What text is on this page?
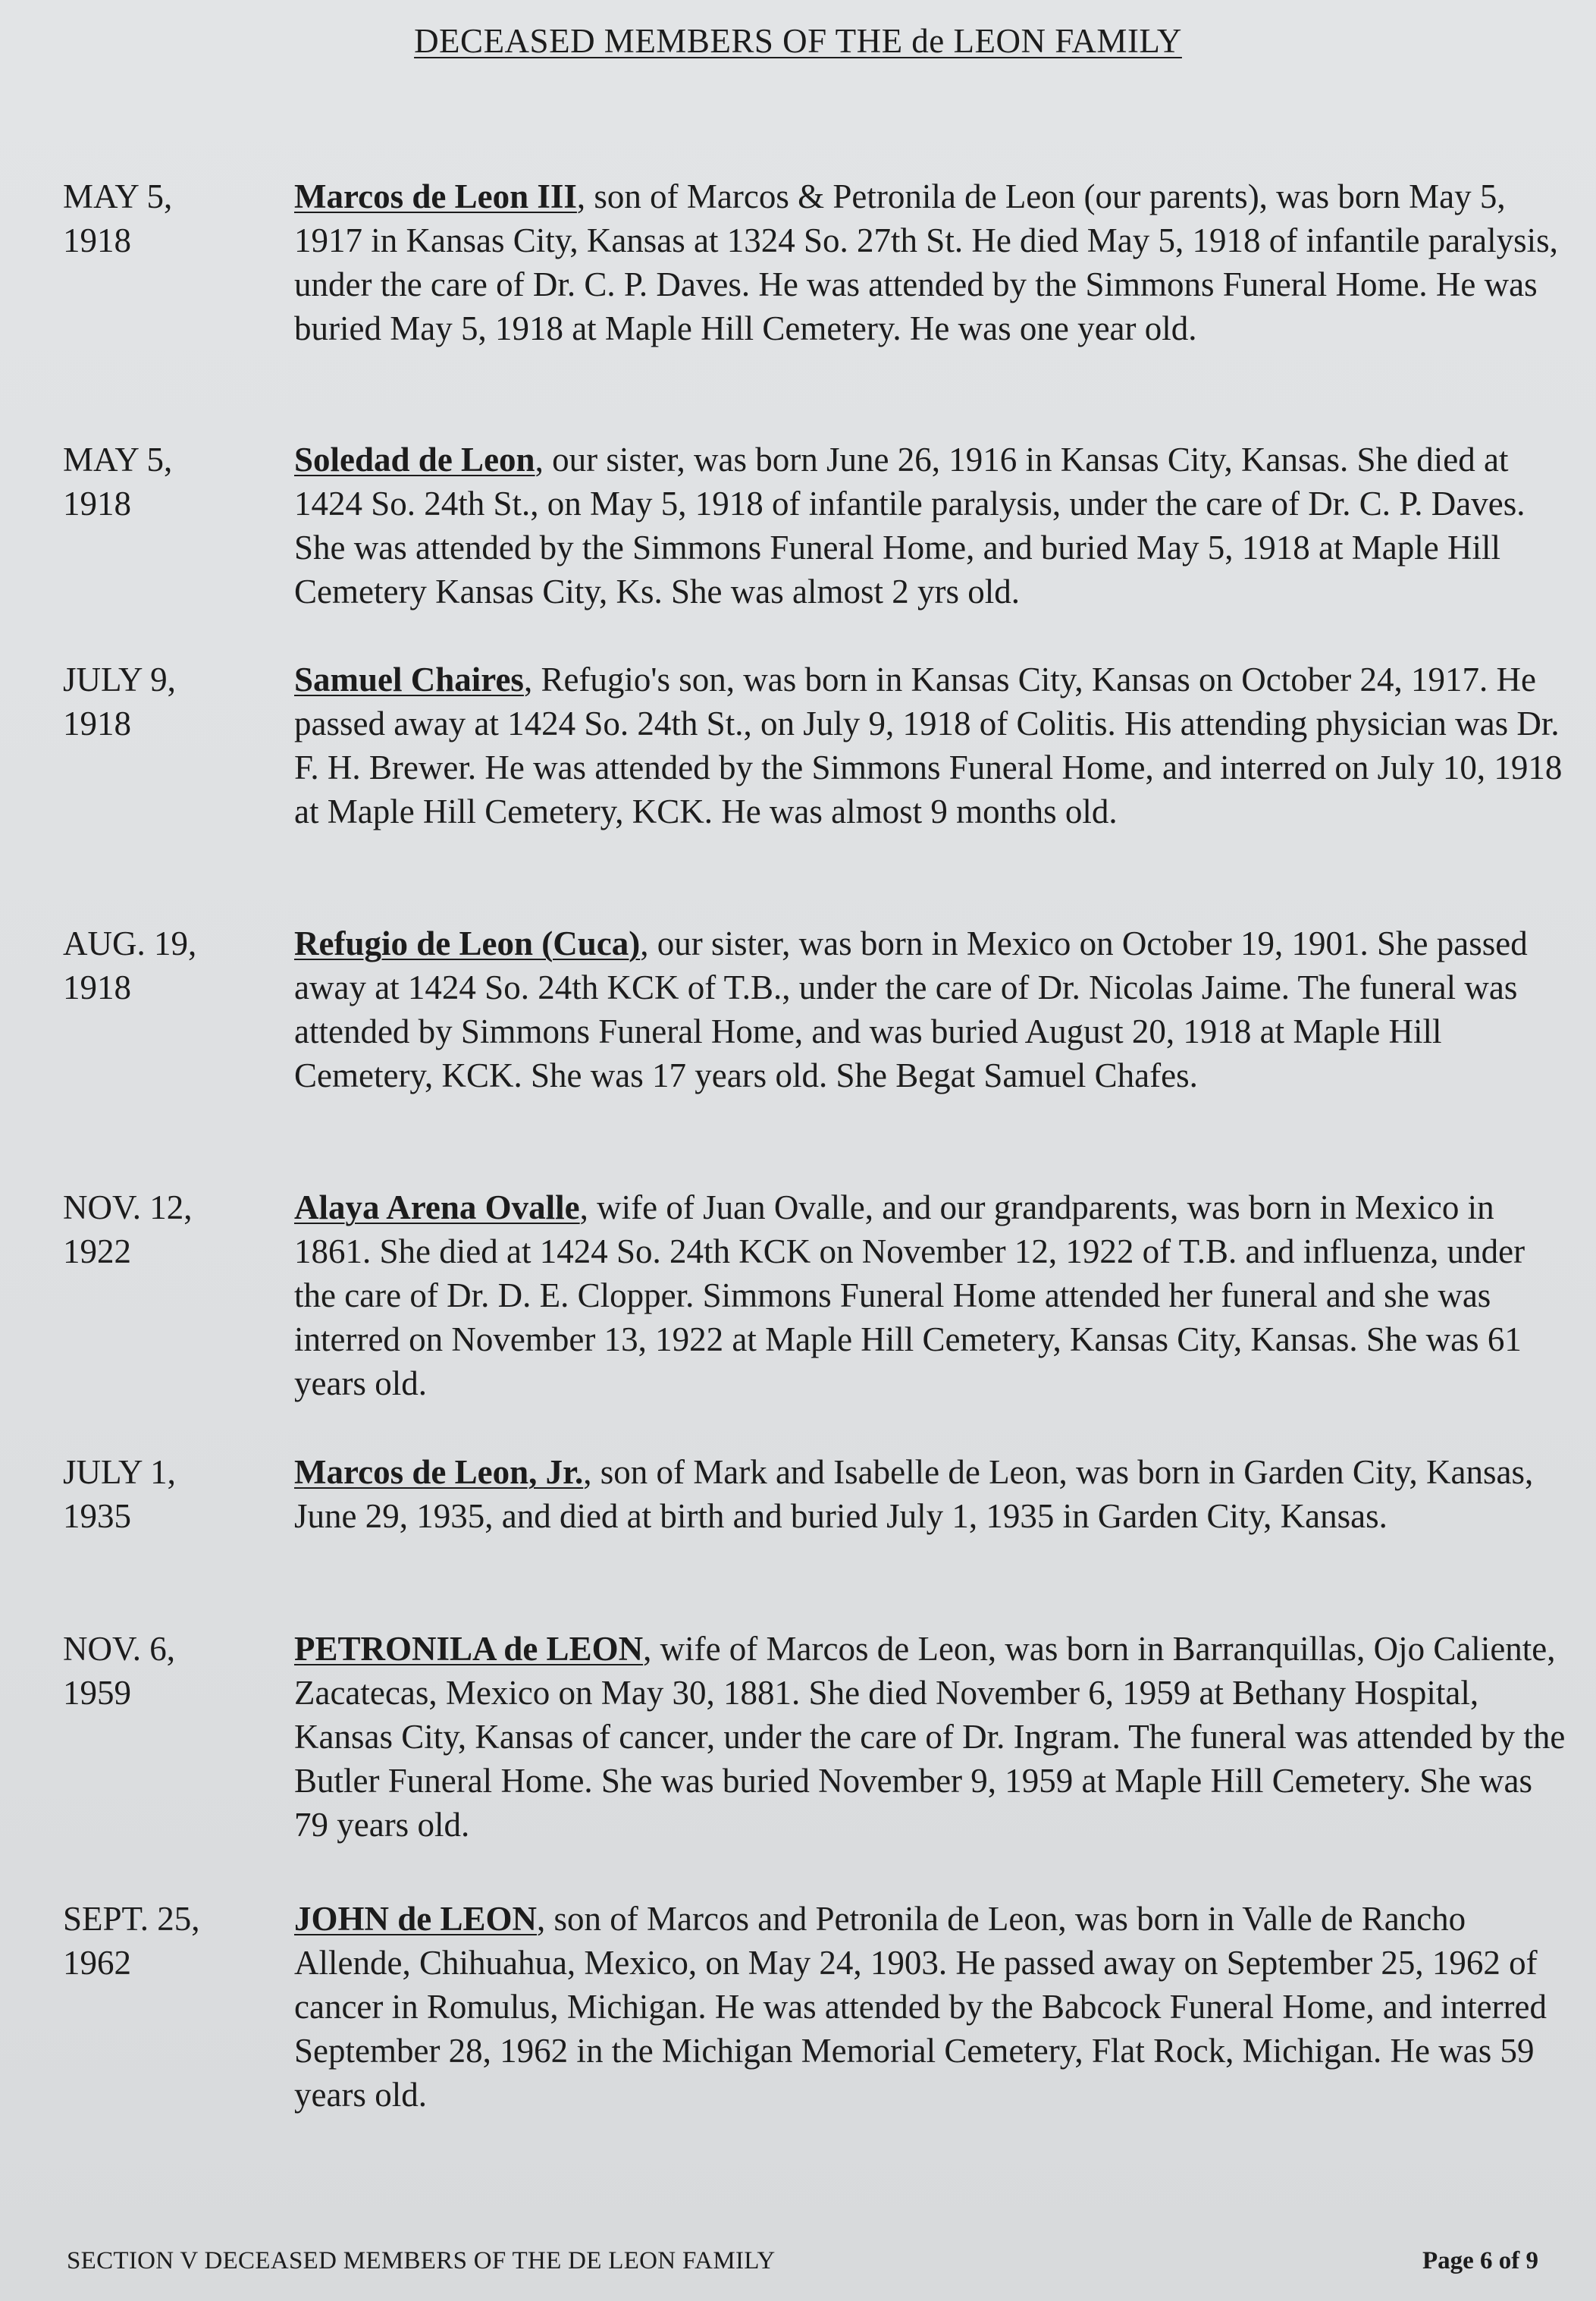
DECEASED MEMBERS OF THE de LEON FAMILY
MAY 5,
1918
Marcos de Leon III, son of Marcos & Petronila de Leon (our parents), was born May 5, 1917 in Kansas City, Kansas at 1324 So. 27th St. He died May 5, 1918 of infantile paralysis, under the care of Dr. C. P. Daves. He was attended by the Simmons Funeral Home. He was buried May 5, 1918 at Maple Hill Cemetery. He was one year old.
MAY 5,
1918
Soledad de Leon, our sister, was born June 26, 1916 in Kansas City, Kansas. She died at 1424 So. 24th St., on May 5, 1918 of infantile paralysis, under the care of Dr. C. P. Daves. She was attended by the Simmons Funeral Home, and buried May 5, 1918 at Maple Hill Cemetery Kansas City, Ks. She was almost 2 yrs old.
JULY 9,
1918
Samuel Chaires, Refugio's son, was born in Kansas City, Kansas on October 24, 1917. He passed away at 1424 So. 24th St., on July 9, 1918 of Colitis. His attending physician was Dr. F. H. Brewer. He was attended by the Simmons Funeral Home, and interred on July 10, 1918 at Maple Hill Cemetery, KCK. He was almost 9 months old.
AUG. 19,
1918
Refugio de Leon (Cuca), our sister, was born in Mexico on October 19, 1901. She passed away at 1424 So. 24th KCK of T.B., under the care of Dr. Nicolas Jaime. The funeral was attended by Simmons Funeral Home, and was buried August 20, 1918 at Maple Hill Cemetery, KCK. She was 17 years old. She Begat Samuel Chafes.
NOV. 12,
1922
Alaya Arena Ovalle, wife of Juan Ovalle, and our grandparents, was born in Mexico in 1861. She died at 1424 So. 24th KCK on November 12, 1922 of T.B. and influenza, under the care of Dr. D. E. Clopper. Simmons Funeral Home attended her funeral and she was interred on November 13, 1922 at Maple Hill Cemetery, Kansas City, Kansas. She was 61 years old.
JULY 1,
1935
Marcos de Leon, Jr., son of Mark and Isabelle de Leon, was born in Garden City, Kansas, June 29, 1935, and died at birth and buried July 1, 1935 in Garden City, Kansas.
NOV. 6,
1959
PETRONILA de LEON, wife of Marcos de Leon, was born in Barranquillas, Ojo Caliente, Zacatecas, Mexico on May 30, 1881. She died November 6, 1959 at Bethany Hospital, Kansas City, Kansas of cancer, under the care of Dr. Ingram. The funeral was attended by the Butler Funeral Home. She was buried November 9, 1959 at Maple Hill Cemetery. She was 79 years old.
SEPT. 25,
1962
JOHN de LEON, son of Marcos and Petronila de Leon, was born in Valle de Rancho Allende, Chihuahua, Mexico, on May 24, 1903. He passed away on September 25, 1962 of cancer in Romulus, Michigan. He was attended by the Babcock Funeral Home, and interred September 28, 1962 in the Michigan Memorial Cemetery, Flat Rock, Michigan. He was 59 years old.
SECTION V DECEASED MEMBERS OF THE DE LEON FAMILY	Page 6 of 9
